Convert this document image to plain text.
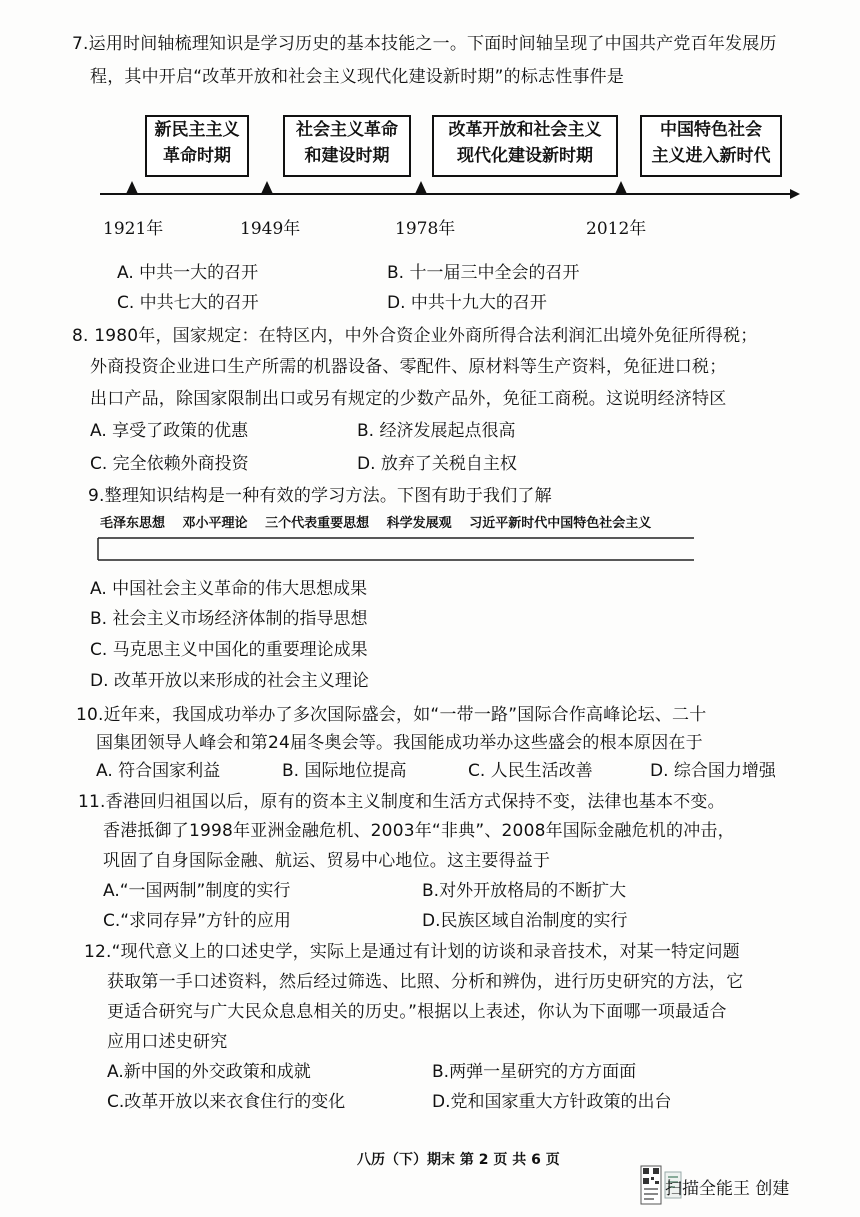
7.运用时间轴梳理知识是学习历史的基本技能之一。下面时间轴呈现了中国共产党百年发展历
程，其中开启“改革开放和社会主义现代化建设新时期”的标志性事件是
新民主主义
革命时期
社会主义革命
和建设时期
改革开放和社会主义
现代化建设新时期
中国特色社会
主义进入新时代
1921年	1949年	1978年	2012年
A. 中共一大的召开	B. 十一届三中全会的召开
C. 中共七大的召开	D. 中共十九大的召开
8. 1980年，国家规定：在特区内，中外合资企业外商所得合法利润汇出境外免征所得税；
外商投资企业进口生产所需的机器设备、零配件、原材料等生产资料，免征进口税；
出口产品，除国家限制出口或另有规定的少数产品外，免征工商税。这说明经济特区
A. 享受了政策的优惠	B. 经济发展起点很高
C. 完全依赖外商投资	D. 放弃了关税自主权
9.整理知识结构是一种有效的学习方法。下图有助于我们了解
毛泽东思想 邓小平理论 三个代表重要思想 科学发展观 习近平新时代中国特色社会主义
A. 中国社会主义革命的伟大思想成果
B. 社会主义市场经济体制的指导思想
C. 马克思主义中国化的重要理论成果
D. 改革开放以来形成的社会主义理论
10.近年来，我国成功举办了多次国际盛会，如“一带一路”国际合作高峰论坛、二十
国集团领导人峰会和第24届冬奥会等。我国能成功举办这些盛会的根本原因在于
A. 符合国家利益	B. 国际地位提高	C. 人民生活改善	D. 综合国力增强
11.香港回归祖国以后，原有的资本主义制度和生活方式保持不变，法律也基本不变。
香港抵御了1998年亚洲金融危机、2003年“非典”、2008年国际金融危机的冲击，
巩固了自身国际金融、航运、贸易中心地位。这主要得益于
A.“一国两制”制度的实行	B.对外开放格局的不断扩大
C.“求同存异”方针的应用	D.民族区域自治制度的实行
12.“现代意义上的口述史学，实际上是通过有计划的访谈和录音技术，对某一特定问题
获取第一手口述资料，然后经过筛选、比照、分析和辨伪，进行历史研究的方法，它
更适合研究与广大民众息息相关的历史。”根据以上表述，你认为下面哪一项最适合
应用口述史研究
A.新中国的外交政策和成就	B.两弹一星研究的方方面面
C.改革开放以来衣食住行的变化	D.党和国家重大方针政策的出台
八历（下）期末 第 2 页 共 6 页
扫描全能王 创建
